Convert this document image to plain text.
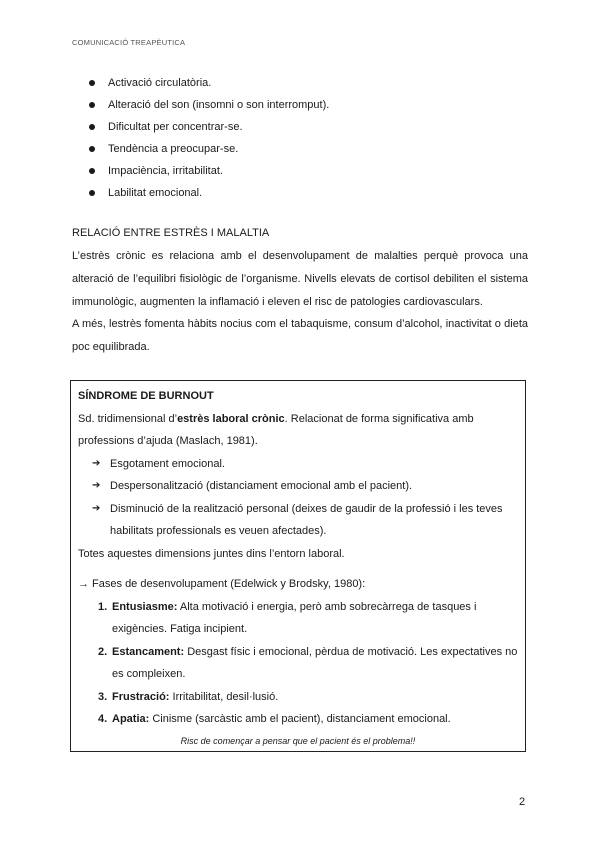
COMUNICACIÓ TREAPÈUTICA
Activació circulatòria.
Alteració del son (insomni o son interromput).
Dificultat per concentrar-se.
Tendència a preocupar-se.
Impaciència, irritabilitat.
Labilitat emocional.
RELACIÓ ENTRE ESTRÈS I MALALTIA

L’estrès crònic es relaciona amb el desenvolupament de malalties perquè provoca una alteració de l’equilibri fisiològic de l’organisme. Nivells elevats de cortisol debiliten el sistema immunològic, augmenten la inflamació i eleven el risc de patologies cardiovasculars.

A més, lestrès fomenta hàbits nocius com el tabaquisme, consum d’alcohol, inactivitat o dieta poc equilibrada.

SÍNDROME DE BURNOUT

Sd. tridimensional d’estrès laboral crònic. Relacionat de forma significativa amb professions d’ajuda (Maslach, 1981).

➔ Esgotament emocional.
➔ Despersonalització (distanciament emocional amb el pacient).
➔ Disminució de la realització personal (deixes de gaudir de la professió i les teves habilitats professionals es veuen afectades).

Totes aquestes dimensions juntes dins l’entorn laboral.

→ Fases de desenvolupament (Edelwick y Brodsky, 1980):

1. Entusiasme: Alta motivació i energia, però amb sobrecàrrega de tasques i exigències. Fatiga incipient.
2. Estancament: Desgast físic i emocional, pèrdua de motivació. Les expectatives no es compleixen.
3. Frustració: Irritabilitat, desil·lusió.
4. Apatia: Cinisme (sarcàstic amb el pacient), distanciament emocional.
Risc de començar a pensar que el pacient és el problema!!
2
